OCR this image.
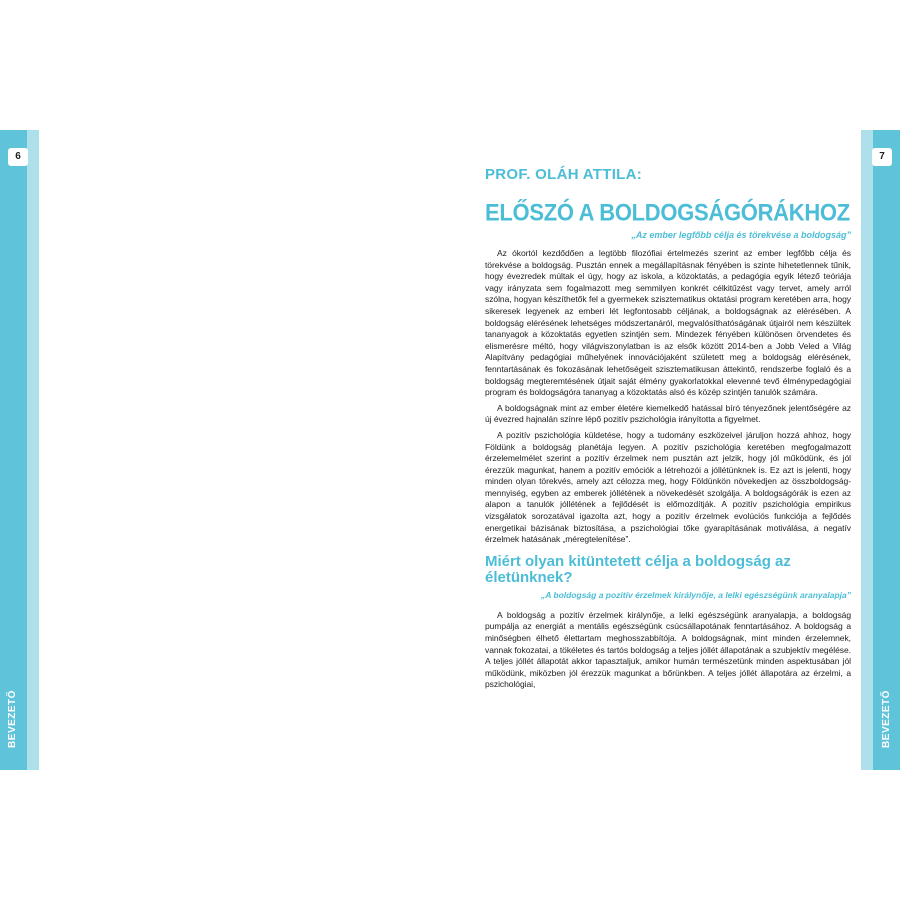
6
BEVEZETŐ
7
BEVEZETŐ

PROF. OLÁH ATTILA:

ELŐSZÓ A BOLDOGSÁGÓRÁKHOZ
„Az ember legfőbb célja és törekvése a boldogság”

Az ókortól kezdődően a legtöbb filozófiai értelmezés szerint az ember legfőbb célja és törekvése a boldogság. Pusztán ennek a megállapításnak fényében is szinte hihetetlennek tűnik, hogy évezredek múltak el úgy, hogy az iskola, a közoktatás, a pedagógia egyik létező teóriája vagy irányzata sem fogalmazott meg semmilyen konkrét célkitűzést vagy tervet, amely arról szólna, hogyan készíthetők fel a gyermekek szisztematikus oktatási program keretében arra, hogy sikeresek legyenek az emberi lét legfontosabb céljának, a boldogságnak az elérésében. A boldogság elérésének lehetséges módszertanáról, megvalósíthatóságának útjairól nem készültek tananyagok a közoktatás egyetlen szintjén sem. Mindezek fényében különösen örvendetes és elismerésre méltó, hogy világviszonylatban is az elsők között 2014-ben a Jobb Veled a Világ Alapítvány pedagógiai műhelyének innovációjaként született meg a boldogság elérésének, fenntartásának és fokozásának lehetőségeit szisztematikusan áttekintő, rendszerbe foglaló és a boldogság megteremtésének útjait saját élmény gyakorlatokkal elevenné tevő élménypedagógiai program és boldogságóra tananyag a közoktatás alsó és közép szintjén tanulók számára.

A boldogságnak mint az ember életére kiemelkedő hatással bíró tényezőnek jelentőségére az új évezred hajnalán színre lépő pozitív pszichológia irányította a figyelmet.

A pozitív pszichológia küldetése, hogy a tudomány eszközeivel járuljon hozzá ahhoz, hogy Földünk a boldogság planétája legyen. A pozitív pszichológia keretében megfogalmazott érzelemelmélet szerint a pozitív érzelmek nem pusztán azt jelzik, hogy jól működünk, és jól érezzük magunkat, hanem a pozitív emóciók a létrehozói a jóllétünknek is. Ez azt is jelenti, hogy minden olyan törekvés, amely azt célozza meg, hogy Földünkön növekedjen az összboldogság-mennyiség, egyben az emberek jóllétének a növekedését szolgálja. A boldogságórák is ezen az alapon a tanulók jóllétének a fejlődését is előmozdítják. A pozitív pszichológia empirikus vizsgálatok sorozatával igazolta azt, hogy a pozitív érzelmek evolúciós funkciója a fejlődés energetikai bázisának biztosítása, a pszichológiai tőke gyarapításának motiválása, a negatív érzelmek hatásának „méregtelenítése”.

Miért olyan kitüntetett célja a boldogság az életünknek?
„A boldogság a pozitív érzelmek királynője, a lelki egészségünk aranyalapja”

A boldogság a pozitív érzelmek királynője, a lelki egészségünk aranyalapja, a boldogság pumpálja az energiát a mentális egészségünk csúcsállapotának fenntartásához. A boldogság a minőségben élhető élettartam meghosszabbítója. A boldogságnak, mint minden érzelemnek, vannak fokozatai, a tökéletes és tartós boldogság a teljes jóllét állapotának a szubjektív megélése. A teljes jóllét állapotát akkor tapasztaljuk, amikor humán természetünk minden aspektusában jól működünk, miközben jól érezzük magunkat a bőrünkben. A teljes jóllét állapotára az érzelmi, a pszichológiai,
